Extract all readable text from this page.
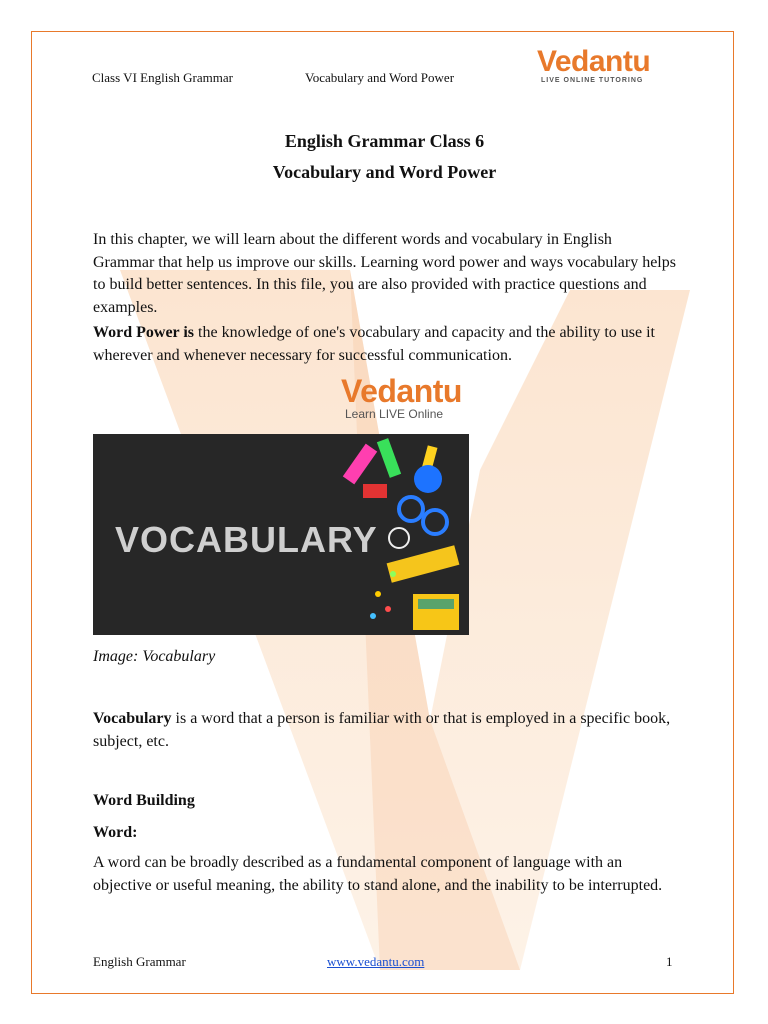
Class VI English Grammar	Vocabulary and Word Power	Vedantu
LIVE ONLINE TUTORING
English Grammar Class 6
Vocabulary and Word Power
In this chapter, we will learn about the different words and vocabulary in English Grammar that help us improve our skills. Learning word power and ways vocabulary helps to build better sentences. In this file, you are also provided with practice questions and examples.
Word Power is the knowledge of one's vocabulary and capacity and the ability to use it wherever and whenever necessary for successful communication.
Vedantu
Learn LIVE Online
VOCABULARY
Image: Vocabulary
Vocabulary is a word that a person is familiar with or that is employed in a specific book, subject, etc.
Word Building
Word:
A word can be broadly described as a fundamental component of language with an objective or useful meaning, the ability to stand alone, and the inability to be interrupted.
English Grammar	www.vedantu.com	1
